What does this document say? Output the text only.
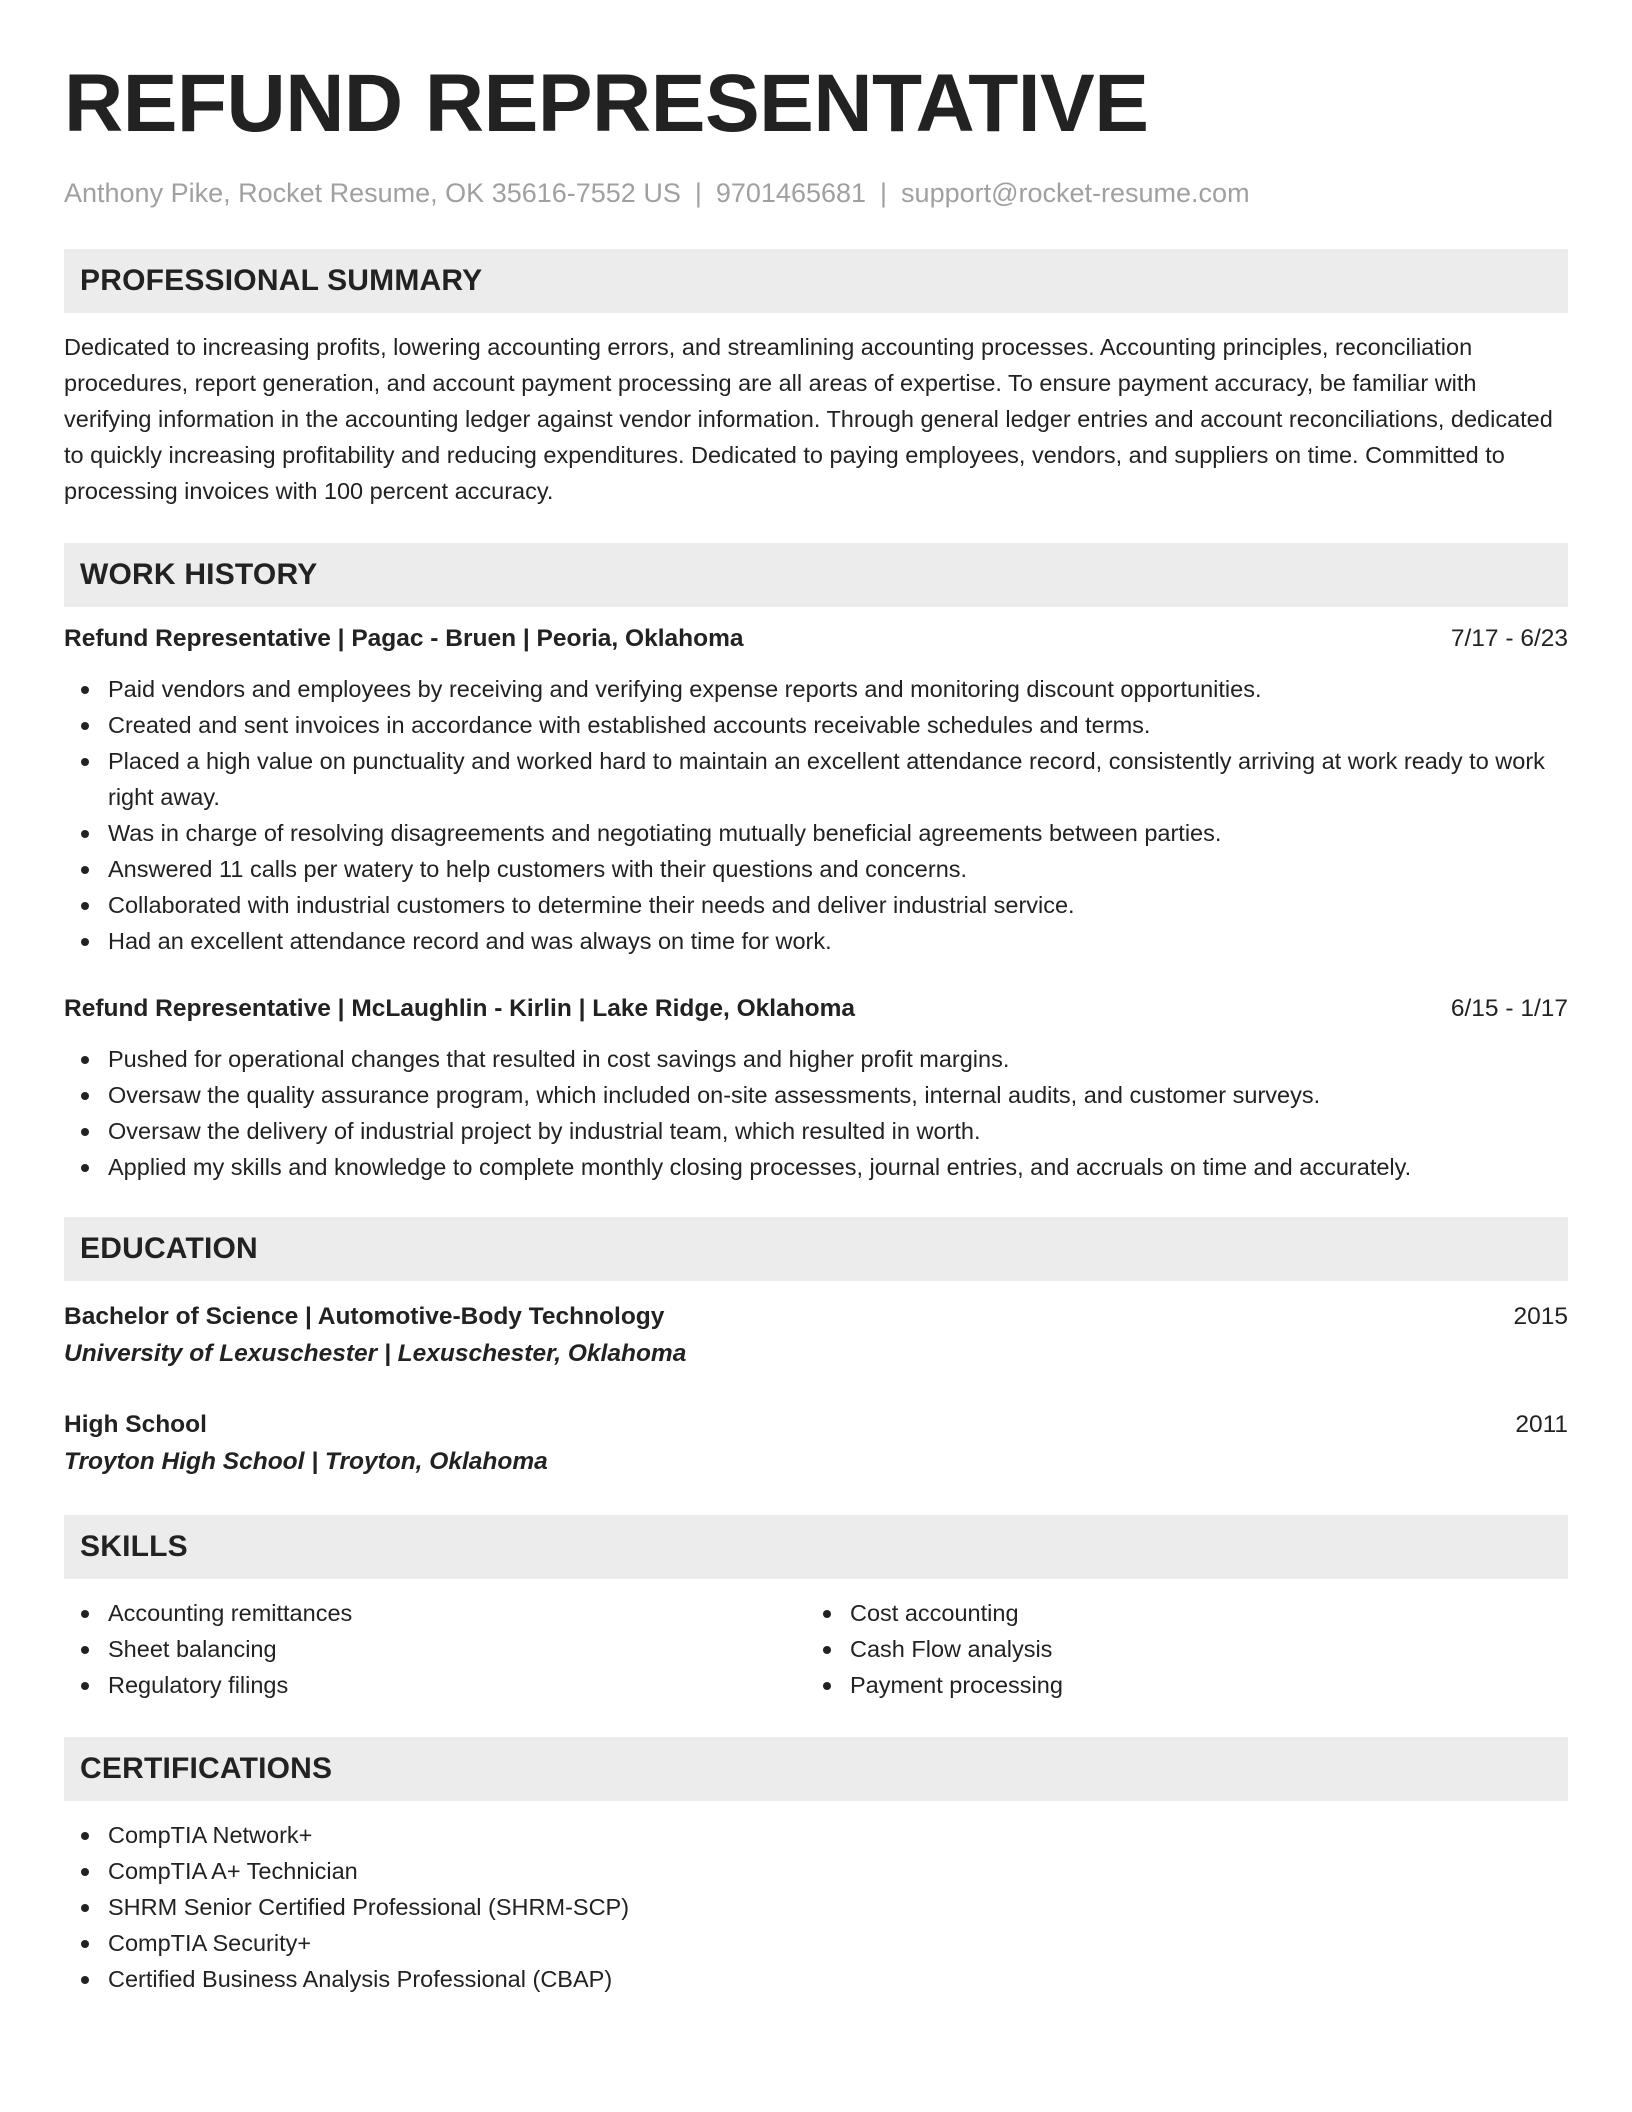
REFUND REPRESENTATIVE
Anthony Pike, Rocket Resume, OK 35616-7552 US | 9701465681 | support@rocket-resume.com
PROFESSIONAL SUMMARY
Dedicated to increasing profits, lowering accounting errors, and streamlining accounting processes. Accounting principles, reconciliation procedures, report generation, and account payment processing are all areas of expertise. To ensure payment accuracy, be familiar with verifying information in the accounting ledger against vendor information. Through general ledger entries and account reconciliations, dedicated to quickly increasing profitability and reducing expenditures. Dedicated to paying employees, vendors, and suppliers on time. Committed to processing invoices with 100 percent accuracy.
WORK HISTORY
Refund Representative | Pagac - Bruen | Peoria, Oklahoma	7/17 - 6/23
Paid vendors and employees by receiving and verifying expense reports and monitoring discount opportunities.
Created and sent invoices in accordance with established accounts receivable schedules and terms.
Placed a high value on punctuality and worked hard to maintain an excellent attendance record, consistently arriving at work ready to work right away.
Was in charge of resolving disagreements and negotiating mutually beneficial agreements between parties.
Answered 11 calls per watery to help customers with their questions and concerns.
Collaborated with industrial customers to determine their needs and deliver industrial service.
Had an excellent attendance record and was always on time for work.
Refund Representative | McLaughlin - Kirlin | Lake Ridge, Oklahoma	6/15 - 1/17
Pushed for operational changes that resulted in cost savings and higher profit margins.
Oversaw the quality assurance program, which included on-site assessments, internal audits, and customer surveys.
Oversaw the delivery of industrial project by industrial team, which resulted in worth.
Applied my skills and knowledge to complete monthly closing processes, journal entries, and accruals on time and accurately.
EDUCATION
Bachelor of Science | Automotive-Body Technology	2015
University of Lexuschester | Lexuschester, Oklahoma
High School	2011
Troyton High School | Troyton, Oklahoma
SKILLS
Accounting remittances
Sheet balancing
Regulatory filings
Cost accounting
Cash Flow analysis
Payment processing
CERTIFICATIONS
CompTIA Network+
CompTIA A+ Technician
SHRM Senior Certified Professional (SHRM-SCP)
CompTIA Security+
Certified Business Analysis Professional (CBAP)
